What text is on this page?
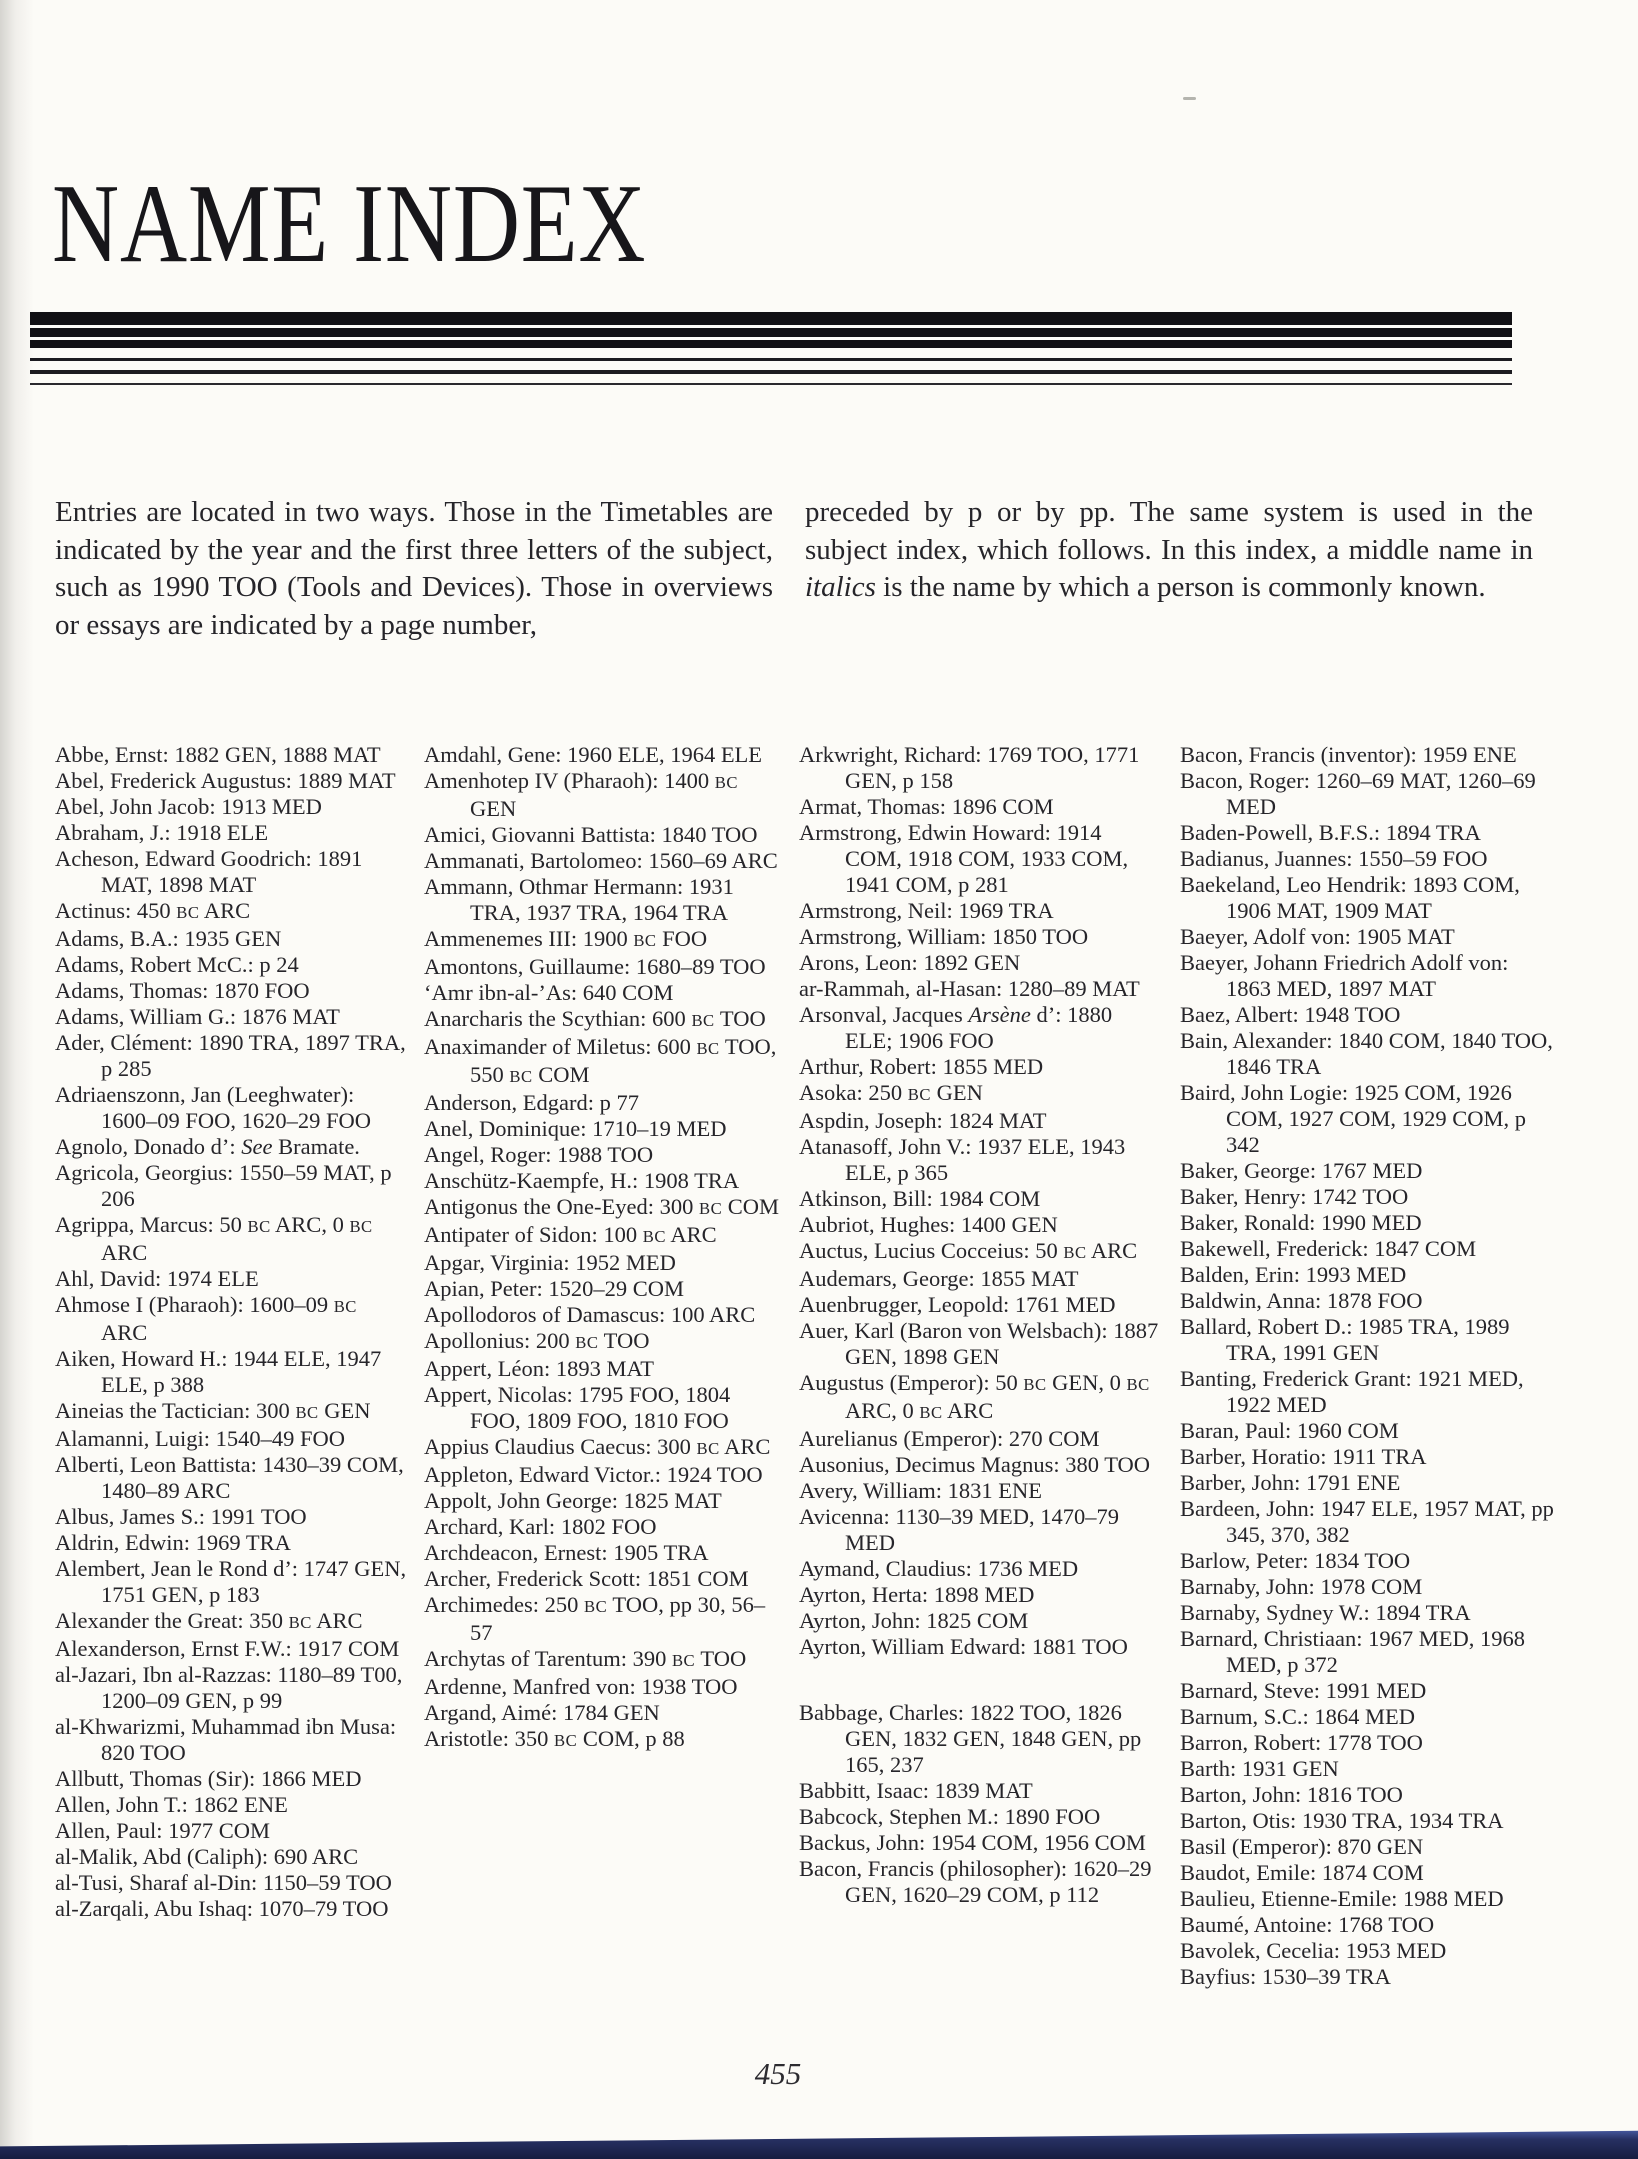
NAME INDEX

Entries are located in two ways. Those in the Timetables are indicated by the year and the first three letters of the subject, such as 1990 TOO (Tools and Devices). Those in overviews or essays are indicated by a page number,

preceded by p or by pp. The same system is used in the subject index, which follows. In this index, a middle name in italics is the name by which a person is commonly known.

Abbe, Ernst: 1882 GEN, 1888 MAT

Abel, Frederick Augustus: 1889 MAT

Abel, John Jacob: 1913 MED

Abraham, J.: 1918 ELE

Acheson, Edward Goodrich: 1891 MAT, 1898 MAT

Actinus: 450 BC ARC

Adams, B.A.: 1935 GEN

Adams, Robert McC.: p 24

Adams, Thomas: 1870 FOO

Adams, William G.: 1876 MAT

Ader, Clément: 1890 TRA, 1897 TRA, p 285

Adriaenszonn, Jan (Leeghwater): 1600–09 FOO, 1620–29 FOO

Agnolo, Donado d’: See Bramate.

Agricola, Georgius: 1550–59 MAT, p 206

Agrippa, Marcus: 50 BC ARC, 0 BC ARC

Ahl, David: 1974 ELE

Ahmose I (Pharaoh): 1600–09 BC ARC

Aiken, Howard H.: 1944 ELE, 1947 ELE, p 388

Aineias the Tactician: 300 BC GEN

Alamanni, Luigi: 1540–49 FOO

Alberti, Leon Battista: 1430–39 COM, 1480–89 ARC

Albus, James S.: 1991 TOO

Aldrin, Edwin: 1969 TRA

Alembert, Jean le Rond d’: 1747 GEN, 1751 GEN, p 183

Alexander the Great: 350 BC ARC

Alexanderson, Ernst F.W.: 1917 COM

al-Jazari, Ibn al-Razzas: 1180–89 T00, 1200–09 GEN, p 99

al-Khwarizmi, Muhammad ibn Musa: 820 TOO

Allbutt, Thomas (Sir): 1866 MED

Allen, John T.: 1862 ENE

Allen, Paul: 1977 COM

al-Malik, Abd (Caliph): 690 ARC

al-Tusi, Sharaf al-Din: 1150–59 TOO

al-Zarqali, Abu Ishaq: 1070–79 TOO

Amdahl, Gene: 1960 ELE, 1964 ELE

Amenhotep IV (Pharaoh): 1400 BC GEN

Amici, Giovanni Battista: 1840 TOO

Ammanati, Bartolomeo: 1560–69 ARC

Ammann, Othmar Hermann: 1931 TRA, 1937 TRA, 1964 TRA

Ammenemes III: 1900 BC FOO

Amontons, Guillaume: 1680–89 TOO

‘Amr ibn-al-’As: 640 COM

Anarcharis the Scythian: 600 BC TOO

Anaximander of Miletus: 600 BC TOO, 550 BC COM

Anderson, Edgard: p 77

Anel, Dominique: 1710–19 MED

Angel, Roger: 1988 TOO

Anschütz-Kaempfe, H.: 1908 TRA

Antigonus the One-Eyed: 300 BC COM

Antipater of Sidon: 100 BC ARC

Apgar, Virginia: 1952 MED

Apian, Peter: 1520–29 COM

Apollodoros of Damascus: 100 ARC

Apollonius: 200 BC TOO

Appert, Léon: 1893 MAT

Appert, Nicolas: 1795 FOO, 1804 FOO, 1809 FOO, 1810 FOO

Appius Claudius Caecus: 300 BC ARC

Appleton, Edward Victor.: 1924 TOO

Appolt, John George: 1825 MAT

Archard, Karl: 1802 FOO

Archdeacon, Ernest: 1905 TRA

Archer, Frederick Scott: 1851 COM

Archimedes: 250 BC TOO, pp 30, 56–57

Archytas of Tarentum: 390 BC TOO

Ardenne, Manfred von: 1938 TOO

Argand, Aimé: 1784 GEN

Aristotle: 350 BC COM, p 88

Arkwright, Richard: 1769 TOO, 1771 GEN, p 158

Armat, Thomas: 1896 COM

Armstrong, Edwin Howard: 1914 COM, 1918 COM, 1933 COM, 1941 COM, p 281

Armstrong, Neil: 1969 TRA

Armstrong, William: 1850 TOO

Arons, Leon: 1892 GEN

ar-Rammah, al-Hasan: 1280–89 MAT

Arsonval, Jacques Arsène d’: 1880 ELE; 1906 FOO

Arthur, Robert: 1855 MED

Asoka: 250 BC GEN

Aspdin, Joseph: 1824 MAT

Atanasoff, John V.: 1937 ELE, 1943 ELE, p 365

Atkinson, Bill: 1984 COM

Aubriot, Hughes: 1400 GEN

Auctus, Lucius Cocceius: 50 BC ARC

Audemars, George: 1855 MAT

Auenbrugger, Leopold: 1761 MED

Auer, Karl (Baron von Welsbach): 1887 GEN, 1898 GEN

Augustus (Emperor): 50 BC GEN, 0 BC ARC, 0 BC ARC

Aurelianus (Emperor): 270 COM

Ausonius, Decimus Magnus: 380 TOO

Avery, William: 1831 ENE

Avicenna: 1130–39 MED, 1470–79 MED

Aymand, Claudius: 1736 MED

Ayrton, Herta: 1898 MED

Ayrton, John: 1825 COM

Ayrton, William Edward: 1881 TOO

Babbage, Charles: 1822 TOO, 1826 GEN, 1832 GEN, 1848 GEN, pp 165, 237

Babbitt, Isaac: 1839 MAT

Babcock, Stephen M.: 1890 FOO

Backus, John: 1954 COM, 1956 COM

Bacon, Francis (philosopher): 1620–29 GEN, 1620–29 COM, p 112

Bacon, Francis (inventor): 1959 ENE

Bacon, Roger: 1260–69 MAT, 1260–69 MED

Baden-Powell, B.F.S.: 1894 TRA

Badianus, Juannes: 1550–59 FOO

Baekeland, Leo Hendrik: 1893 COM, 1906 MAT, 1909 MAT

Baeyer, Adolf von: 1905 MAT

Baeyer, Johann Friedrich Adolf von: 1863 MED, 1897 MAT

Baez, Albert: 1948 TOO

Bain, Alexander: 1840 COM, 1840 TOO, 1846 TRA

Baird, John Logie: 1925 COM, 1926 COM, 1927 COM, 1929 COM, p 342

Baker, George: 1767 MED

Baker, Henry: 1742 TOO

Baker, Ronald: 1990 MED

Bakewell, Frederick: 1847 COM

Balden, Erin: 1993 MED

Baldwin, Anna: 1878 FOO

Ballard, Robert D.: 1985 TRA, 1989 TRA, 1991 GEN

Banting, Frederick Grant: 1921 MED, 1922 MED

Baran, Paul: 1960 COM

Barber, Horatio: 1911 TRA

Barber, John: 1791 ENE

Bardeen, John: 1947 ELE, 1957 MAT, pp 345, 370, 382

Barlow, Peter: 1834 TOO

Barnaby, John: 1978 COM

Barnaby, Sydney W.: 1894 TRA

Barnard, Christiaan: 1967 MED, 1968 MED, p 372

Barnard, Steve: 1991 MED

Barnum, S.C.: 1864 MED

Barron, Robert: 1778 TOO

Barth: 1931 GEN

Barton, John: 1816 TOO

Barton, Otis: 1930 TRA, 1934 TRA

Basil (Emperor): 870 GEN

Baudot, Emile: 1874 COM

Baulieu, Etienne-Emile: 1988 MED

Baumé, Antoine: 1768 TOO

Bavolek, Cecelia: 1953 MED

Bayfius: 1530–39 TRA

455
